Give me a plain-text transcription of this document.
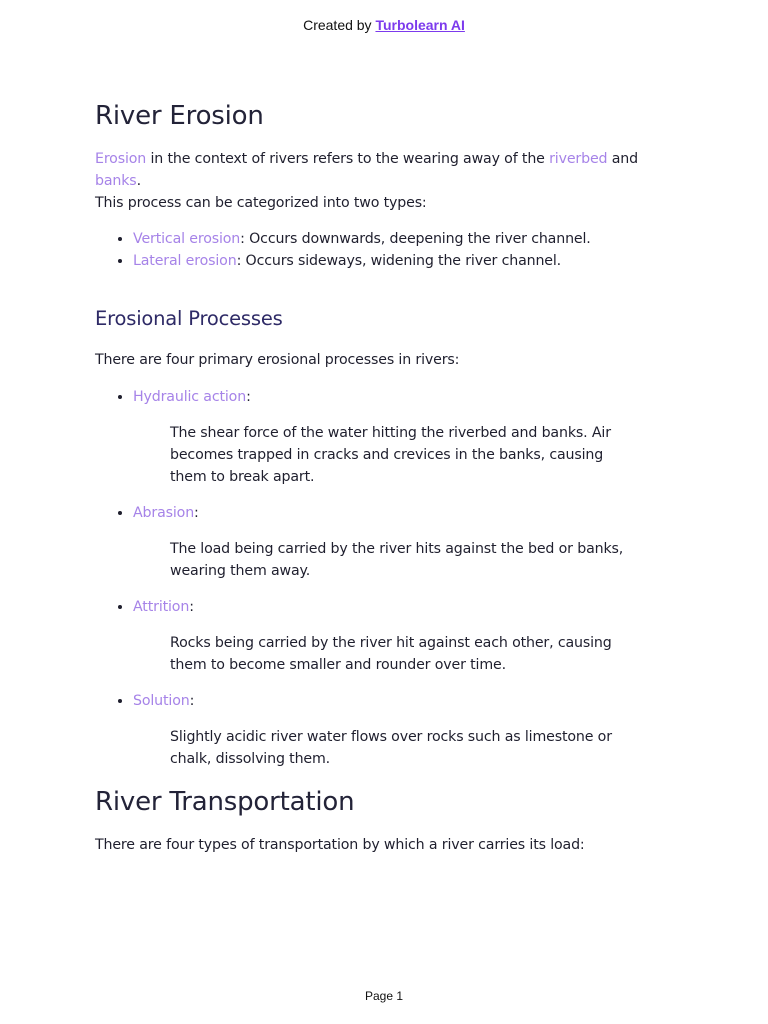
Created by Turbolearn AI
River Erosion

Erosion in the context of rivers refers to the wearing away of the riverbed and banks.
This process can be categorized into two types:

• Vertical erosion: Occurs downwards, deepening the river channel.
• Lateral erosion: Occurs sideways, widening the river channel.
Erosional Processes

There are four primary erosional processes in rivers:

• Hydraulic action:
The shear force of the water hitting the riverbed and banks. Air becomes trapped in cracks and crevices in the banks, causing them to break apart.
• Abrasion:
The load being carried by the river hits against the bed or banks, wearing them away.
• Attrition:
Rocks being carried by the river hit against each other, causing them to become smaller and rounder over time.
• Solution:
Slightly acidic river water flows over rocks such as limestone or chalk, dissolving them.
River Transportation

There are four types of transportation by which a river carries its load:

Page 1
